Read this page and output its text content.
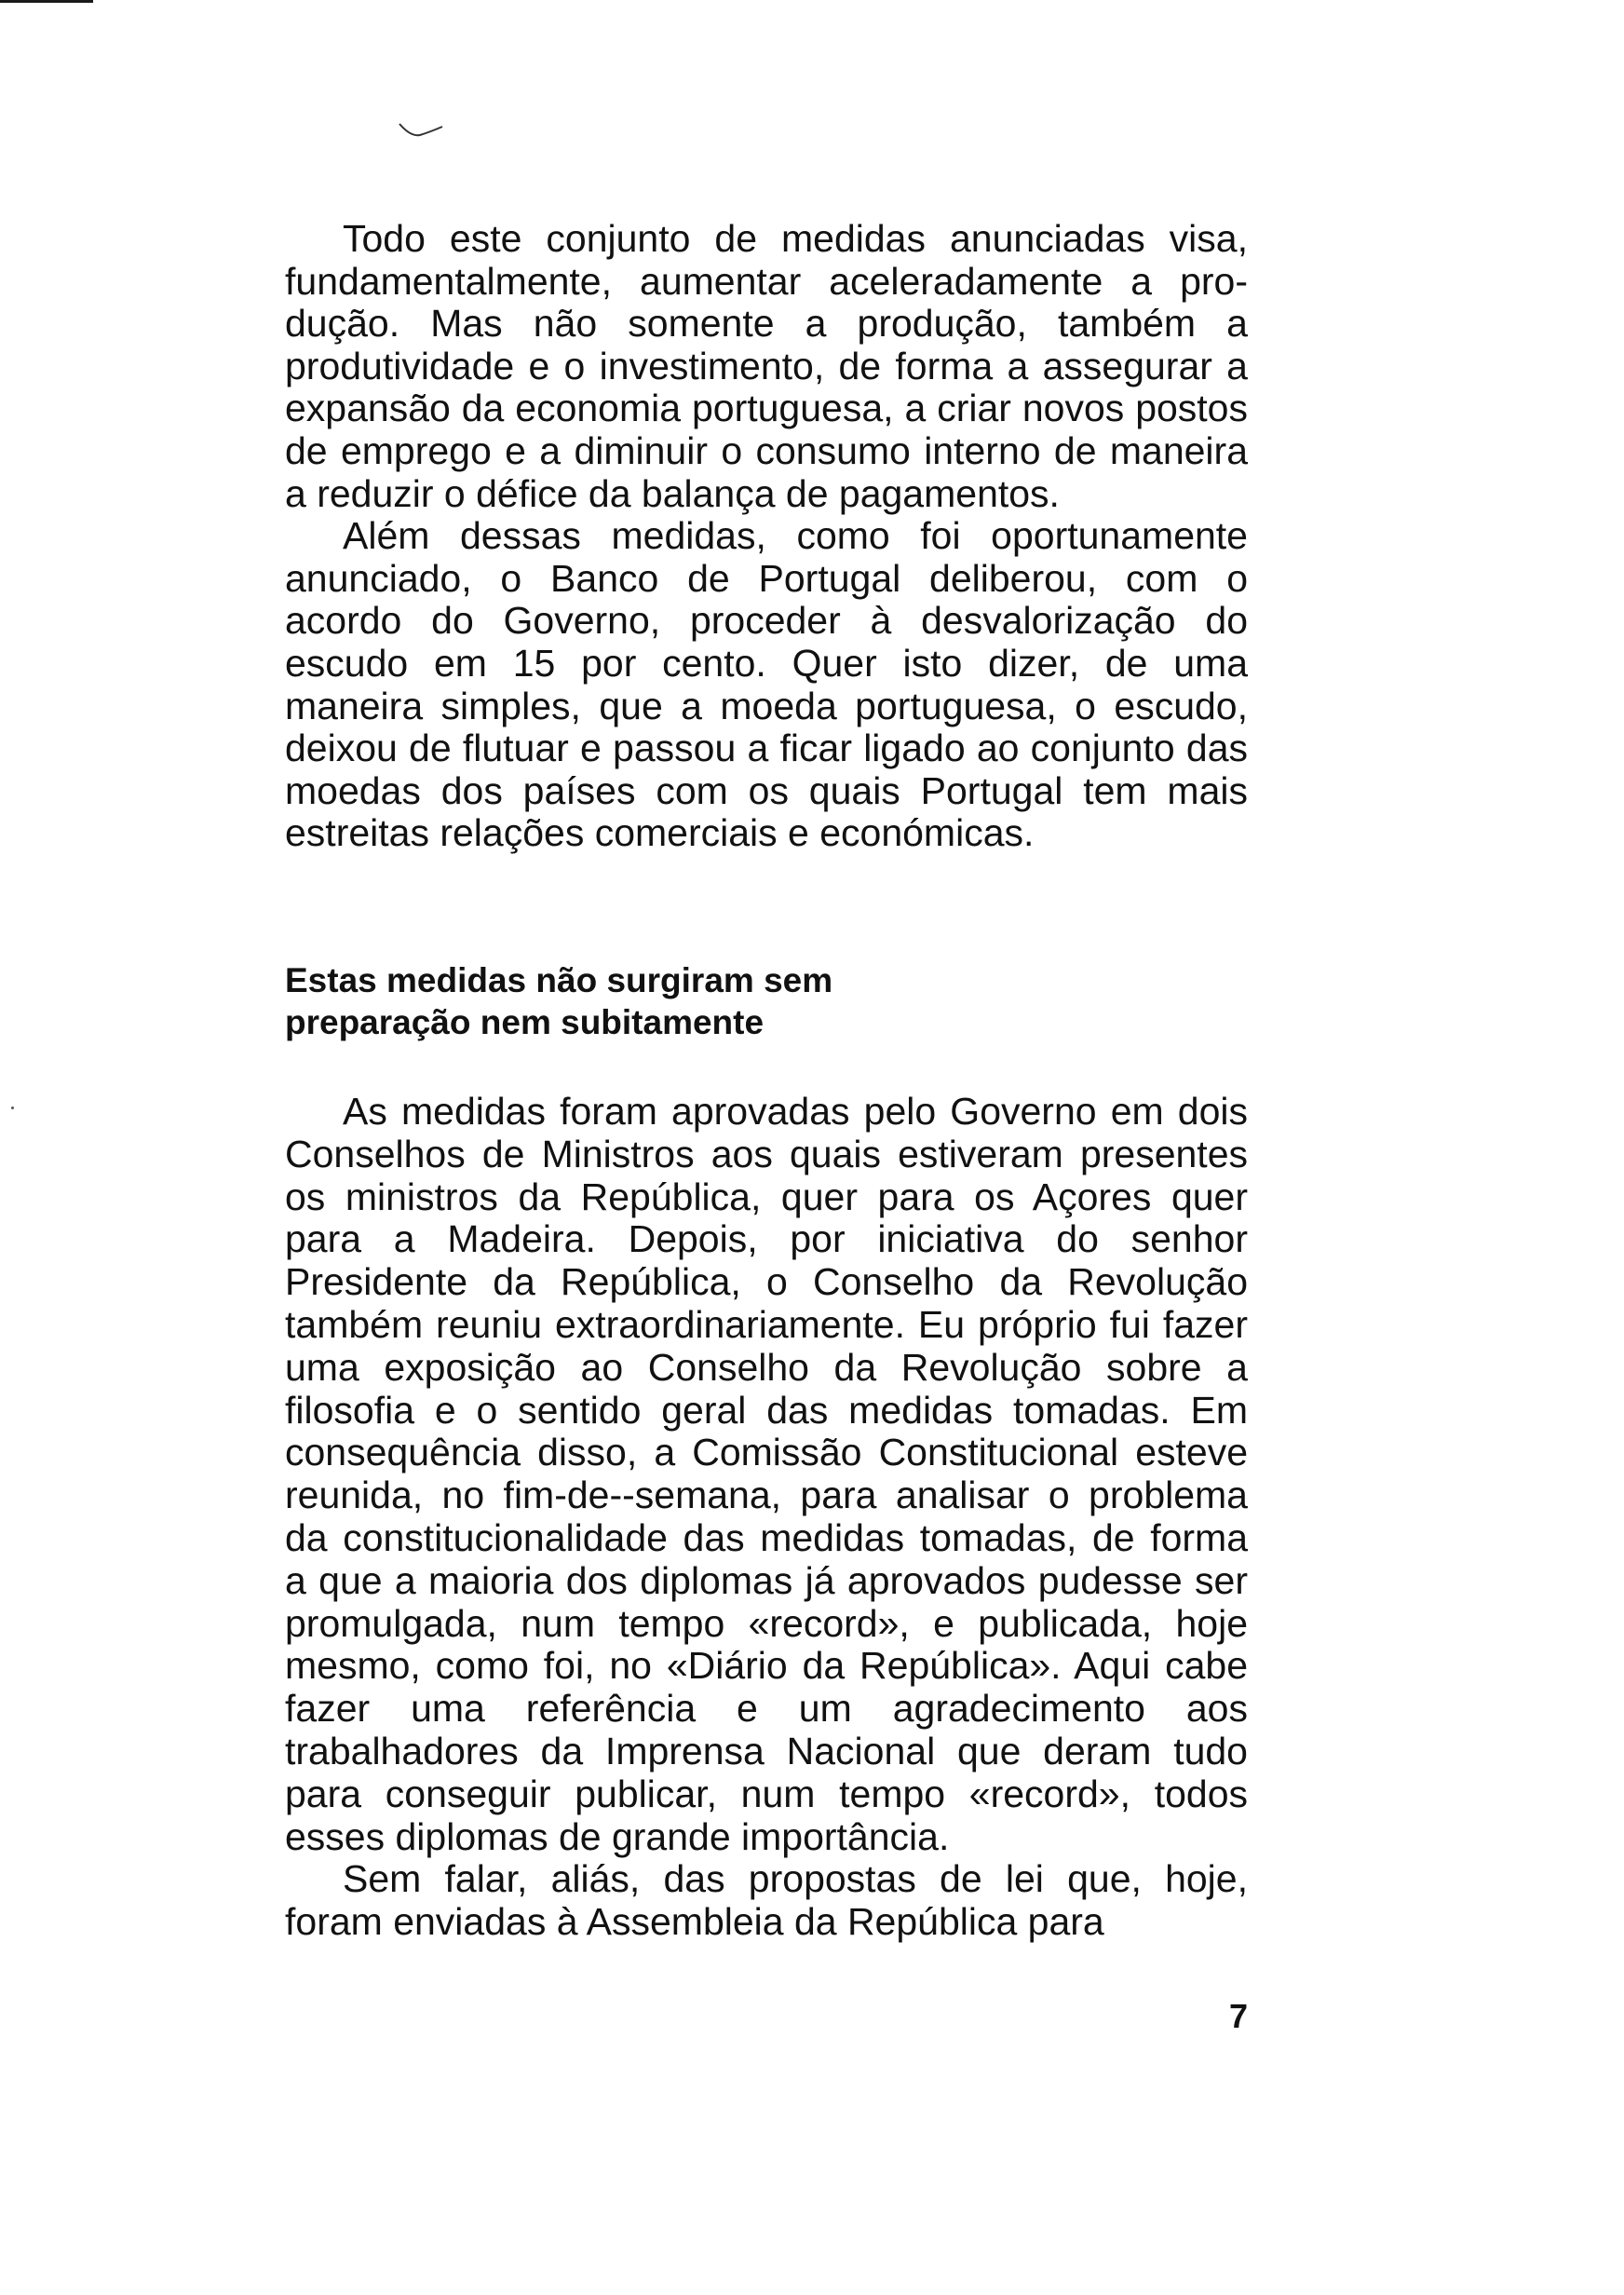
Todo este conjunto de medidas anunciadas visa, fundamentalmente, aumentar aceleradamente a produção. Mas não somente a produção, também a produtividade e o investimento, de forma a assegurar a expansão da economia portuguesa, a criar novos postos de emprego e a diminuir o consumo interno de maneira a reduzir o défice da balança de pagamentos.

Além dessas medidas, como foi oportunamente anunciado, o Banco de Portugal deliberou, com o acordo do Governo, proceder à desvalorização do escudo em 15 por cento. Quer isto dizer, de uma maneira simples, que a moeda portuguesa, o escudo, deixou de flutuar e passou a ficar ligado ao conjunto das moedas dos países com os quais Portugal tem mais estreitas relações comerciais e económicas.

Estas medidas não surgiram sem
preparação nem subitamente

As medidas foram aprovadas pelo Governo em dois Conselhos de Ministros aos quais estiveram presentes os ministros da República, quer para os Açores quer para a Madeira. Depois, por iniciativa do senhor Presidente da República, o Conselho da Revolução também reuniu extraordinariamente. Eu próprio fui fazer uma exposição ao Conselho da Revolução sobre a filosofia e o sentido geral das medidas tomadas. Em consequência disso, a Comissão Constitucional esteve reunida, no fim-de--semana, para analisar o problema da constitucionalidade das medidas tomadas, de forma a que a maioria dos diplomas já aprovados pudesse ser promulgada, num tempo «record», e publicada, hoje mesmo, como foi, no «Diário da República». Aqui cabe fazer uma referência e um agradecimento aos trabalhadores da Imprensa Nacional que deram tudo para conseguir publicar, num tempo «record», todos esses diplomas de grande importância.

Sem falar, aliás, das propostas de lei que, hoje, foram enviadas à Assembleia da República para

7
